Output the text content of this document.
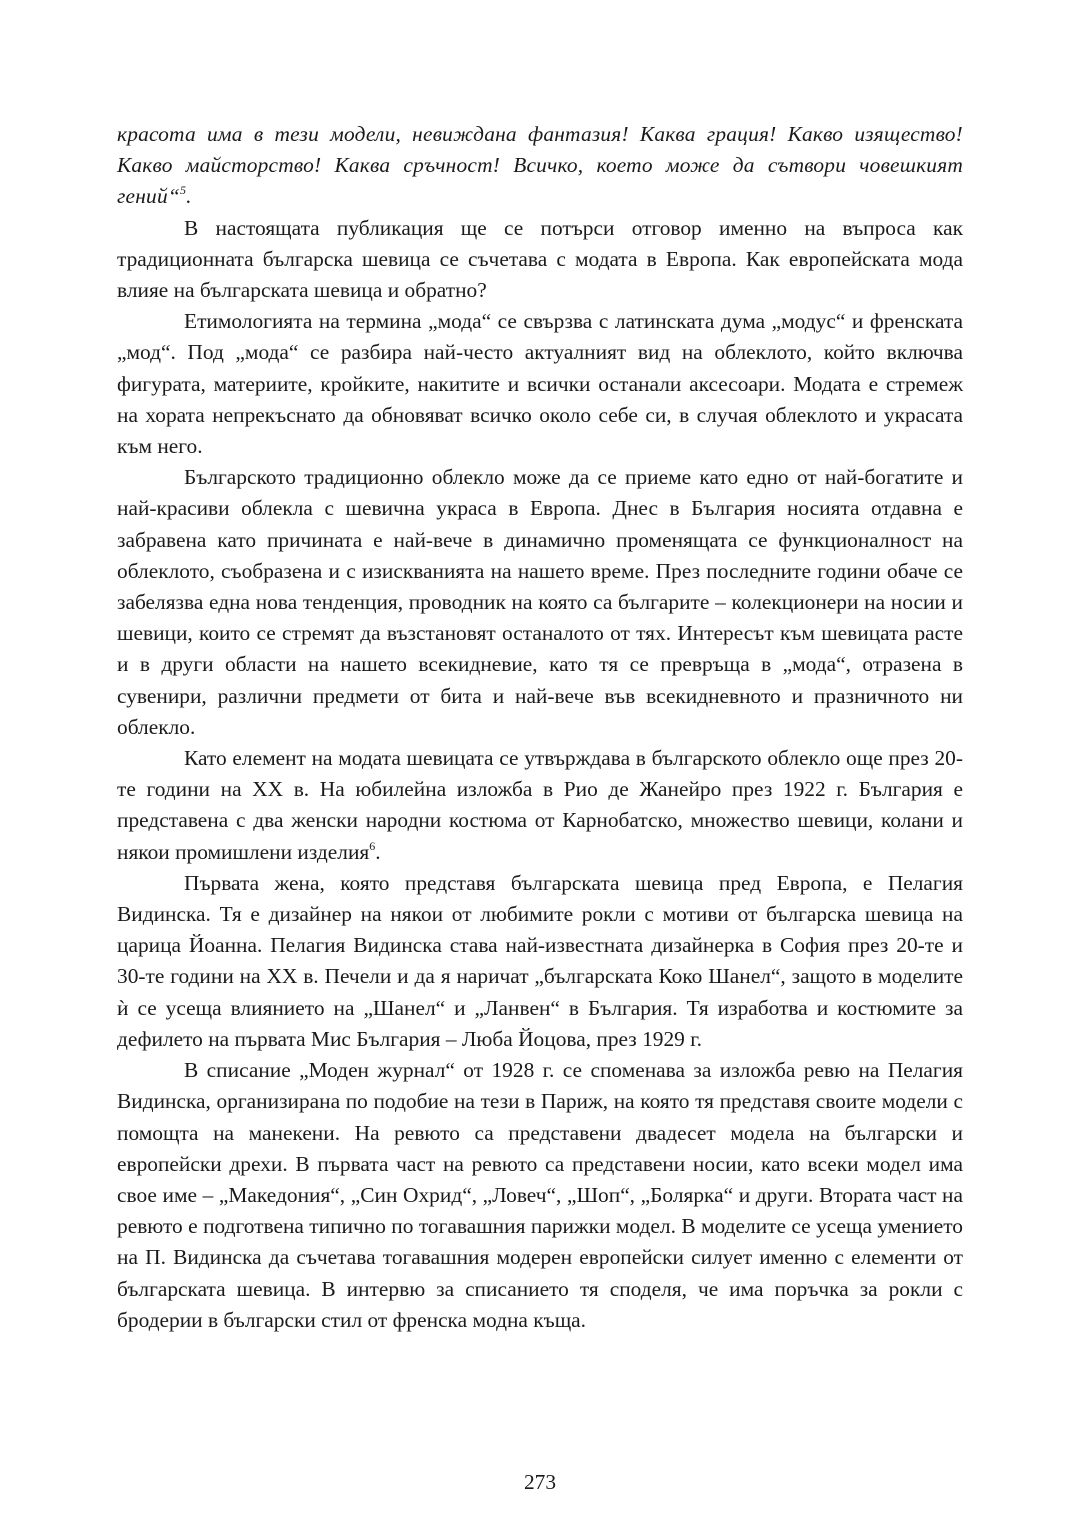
красота има в тези модели, невиждана фантазия! Каква грация! Какво изящество! Какво майсторство! Каква сръчност! Всичко, което може да сътвори човешкият гений“$^5$.

В настоящата публикация ще се потърси отговор именно на въпроса как традиционната българска шевица се съчетава с модата в Европа. Как европейската мода влияе на българската шевица и обратно?

Етимологията на термина „мода“ се свързва с латинската дума „модус“ и френската „мод“. Под „мода“ се разбира най-често актуалният вид на облеклото, който включва фигурата, материите, кройките, накитите и всички останали аксесоари. Модата е стремеж на хората непрекъснато да обновяват всичко около себе си, в случая облеклото и украсата към него.

Българското традиционно облекло може да се приеме като едно от най-богатите и най-красиви облекла с шевична украса в Европа. Днес в България носията отдавна е забравена като причината е най-вече в динамично променящата се функционалност на облеклото, съобразена и с изискванията на нашето време. През последните години обаче се забелязва една нова тенденция, проводник на която са българите – колекционери на носии и шевици, които се стремят да възстановят останалото от тях. Интересът към шевицата расте и в други области на нашето всекидневие, като тя се превръща в „мода“, отразена в сувенири, различни предмети от бита и най-вече във всекидневното и празничното ни облекло.

Като елемент на модата шевицата се утвърждава в българското облекло още през 20-те години на XX в. На юбилейна изложба в Рио де Жанейро през 1922 г. България е представена с два женски народни костюма от Карнобатско, множество шевици, колани и някои промишлени изделия$^6$.

Първата жена, която представя българската шевица пред Европа, е Пелагия Видинска. Тя е дизайнер на някои от любимите рокли с мотиви от българска шевица на царица Йоанна. Пелагия Видинска става най-известната дизайнерка в София през 20-те и 30-те години на XX в. Печели и да я наричат „българската Коко Шанел“, защото в моделите ѝ се усеща влиянието на „Шанел“ и „Ланвен“ в България. Тя изработва и костюмите за дефилето на първата Мис България – Люба Йоцова, през 1929 г.

В списание „Моден журнал“ от 1928 г. се споменава за изложба ревю на Пелагия Видинска, организирана по подобие на тези в Париж, на която тя представя своите модели с помощта на манекени. На ревюто са представени двадесет модела на български и европейски дрехи. В първата част на ревюто са представени носии, като всеки модел има свое име – „Македония“, „Син Охрид“, „Ловеч“, „Шоп“, „Болярка“ и други. Втората част на ревюто е подготвена типично по тогавашния парижки модел. В моделите се усеща умението на П. Видинска да съчетава тогавашния модерен европейски силует именно с елементи от българската шевица. В интервю за списанието тя споделя, че има поръчка за рокли с бродерии в български стил от френска модна къща.

273
